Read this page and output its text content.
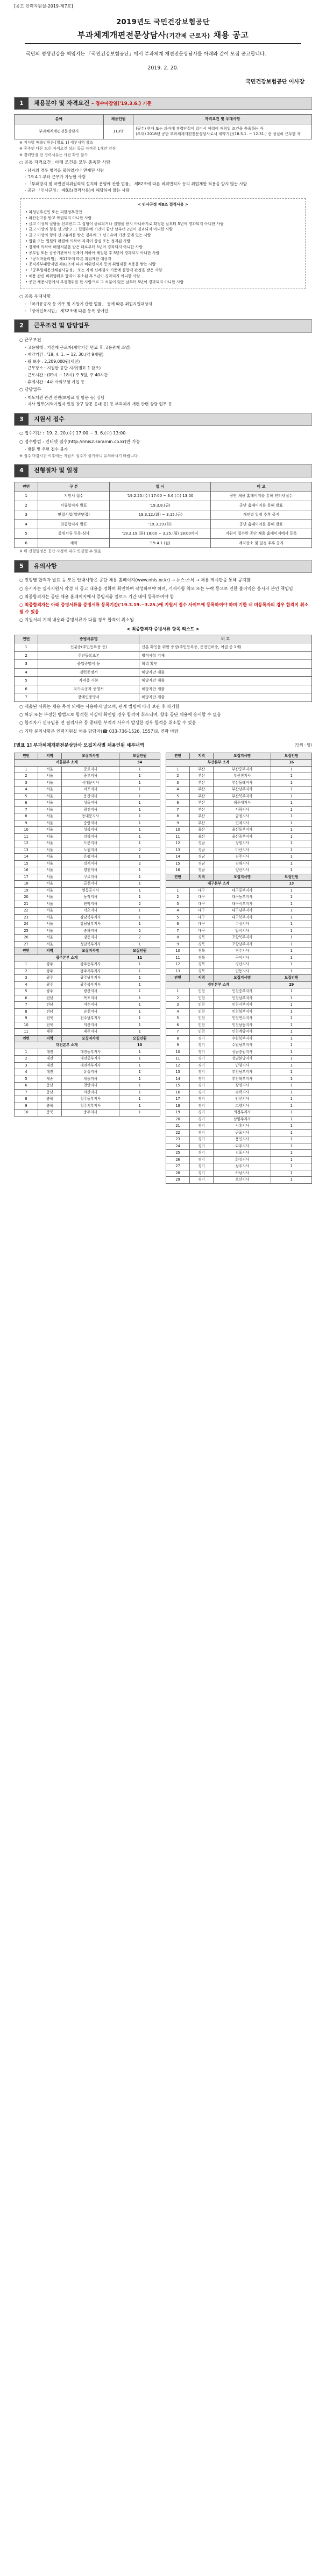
[공고 인력지원실-2019-제7호]
2019년도 국민건강보험공단
부과체계개편전문상담사(기간제 근로자) 채용 공고

국민의 평생건강을 책임지는 「국민건강보험공단」에서 부과체계 개편전문상담사를 아래와 같이 모집 공고합니다.

2019. 2. 20.
국민건강보험공단 이사장
1	채용분야 및 자격요건 – 접수마감일('19.3.6.) 기준
분야	채용인원	자격요건 및 우대사항
부과체계개편전문상담사	113명	(필수) 현재 또는 과거에 경력단절이 있어서 이력이 재취업 조건을 충족하는 자
(우대) 2018년 공단 부과체계개편전문상담사로서 계약기간(18.5.1. ~ 12.31.) 중 성실히 근무한 자

※ 지사별 배출인원은 [별표 1] 세부내역 참조

※ 공추인 다른 모든 자격요건 심의 등급 자격증 1개만 인정

※ 경력단절 전 경력서류는 사전 확인 불가

○ 공통 자격요건 : 아래 조건을 모두 충족한 사람

- 남자의 경우 병역을 필하였거나 면제된 사람

- '19.4.1.부터 근무가 가능한 사람

- 「부패방지 및 국민권익위원회의 설치와 운영에 관한 법률」 제82조에 따른 비위면직자 등의 취업제한 적용을 받지 않는 사람

- 공단 「인사규정」 제8조(결격사유)에 해당하지 않는 사람

< 인사규정 제8조 결격사유 >

• 피성년후견인 또는 피한정후견인

• 파산선고를 받고 복권되지 아니한 사람

• 금고 이상의 실형을 선고받고 그 집행이 종료되거나 집행을 받지 아니하기로 확정된 날부터 5년이 경과되지 아니한 사람

• 금고 이상의 형을 선고받고 그 집행유예 기간이 끝난 날부터 2년이 경과되지 아니한 사람

• 금고 이상의 형의 선고유예를 받은 경우에 그 선고유예 기간 중에 있는 사람

• 법률 또는 법원의 판결에 의하여 자격이 상실 또는 정지된 사람

• 징계에 의하여 해임처분을 받은 때로부터 5년이 경과되지 아니한 사람

• 공무원 또는 공공기관에서 징계에 의하여 해임된 후 5년이 경과되지 아니한 사람

• 「공직자윤리법」 제17조에 따른 취업제한 대상자

• 공직자부패방지법 제82조에 따라 비위면직자 등의 취업제한 적용을 받는 사람

• 「공무원채용신체검사규정」 또는 자체 신체검사 기준에 불합격 판정을 받은 사람

• 채용 관련 비위행위로 합격이 취소된 후 5년이 경과되지 아니한 사람

• 공단 채용시험에서 부정행위를 한 사람으로 그 처분이 있은 날부터 5년이 경과되지 아니한 사람

○ 공통 우대사항

- 「국가유공자 등 예우 및 지원에 관한 법률」 등에 따른 취업지원대상자

- 「장애인복지법」 제32조에 따른 등록 장애인

2	근무조건 및 담당업무

○ 근무조건

- 고용형태 : 기간제 근로자(계약기간 만료 후 고용관계 소멸)

- 계약기간 : '19. 4. 1. ~ 12. 30.(약 9개월)

- 월 보수 : 2,209,000원(세전)

- 근무장소 : 지원한 공단 지사(별표 1 참조)

- 근로시간 : (09시 ~ 18시) 주 5일, 주 40시간

- 휴게시간 : 4대 사회보험 가입 등

○ 담당업무

- 재도개편 관련 민원(보험료 및 방문 등) 상담

- 지사 업무(지역가입자 민원 창구 방문 응대 등) 등 부과체계 개편 관련 상담 업무 등

3	지원서 접수

○ 접수기간 : '19. 2. 20.(수) 17:00 ~ 3. 6.(수) 13:00

○ 접수방법 : 인터넷 접수(http://nhis2.saramin.co.kr)만 가능

- 방문 및 우편 접수 불가

※ 접수 마감시간 이후에는 지원서 접수가 불가하니 유의하시기 바랍니다.

4	전형절차 및 일정
연번	구 분	일 시	비 고
1	지원서 접수	'19.2.20.(수) 17:00 ~ 3.6.(수) 13:00	공단 채용 홈페이지를 통해 인터넷접수
2	서류합격자 발표	'19.3.8.(금)	공단 홈페이지를 통해 발표
3	면접시험(일반면접)	'19.3.12.(화) ~ 3.15.(금)	개인별 일정 추후 공지
4	최종합격자 발표	'19.3.19.(화)	공단 홈페이지를 통해 발표
5	증빙서류 등록·심사	'19.3.19.(화) 18:00 ~ 3.25.(월) 18:00까지	지원서 접수한 공단 채용 홈페이지에서 등록
6	계약	'19.4.1.(월)	계약장소 및 일정 추후 공지

※ 위 전형일정은 공단 사정에 따라 변경될 수 있음

5	유의사항

○ 전형별 합격자 발표 등 모든 안내사항은 공단 채용 홈페이지(www.nhis.or.kr) → 뉴스·소식 → 채용 게시판을 통해 공지함

○ 응시자는 입사지원서 작성 시 공고 내용을 정확히 확인하여 작성하여야 하며, 기재사항 착오 또는 누락 등으로 인한 불이익은 응시자 본인 책임임

○ 최종합격자는 공단 채용 홈페이지에서 증빙서류 업로드 기간 내에 등록하여야 함

○ 최종합격자는 아래 증빙서류를 증빙서류 등록기간('19.3.19.~3.25.)에 지원서 접수 사이트에 등록하여야 하며 기한 내 미등록자의 경우 합격이 취소될 수 있음

○ 지원서의 기재 내용과 증빙서류가 다를 경우 합격이 취소됨

< 최종합격자 증빙서류 항목 리스트 >
연번	증빙서류명	비 고
1	신분증(주민등록증 등)	신분 확인을 위한 증빙(주민등록증, 운전면허증, 여권 중 1개)
2	주민등록초본	병적사항 기재
3	졸업증명서 등	학력 확인
4	경력증명서	해당자만 제출
5	자격증 사본	해당자만 제출
6	국가유공자 증명서	해당자만 제출
7	장애인증명서	해당자만 제출

○ 제출된 서류는 채용 목적 외에는 사용하지 않으며, 관계 법령에 따라 보관 후 파기함

○ 허위 또는 부정한 방법으로 합격한 사실이 확인될 경우 합격이 취소되며, 향후 공단 채용에 응시할 수 없음

○ 합격자가 신규임용 전 결격사유 등 중대한 부적격 사유가 발생한 경우 합격을 취소할 수 있음

○ 기타 문의사항은 인력지원실 채용 담당자(☎ 033-736-1526, 1557)로 연락 바람

[별표 1] 부과체계개편전문상담사 모집지사별 채용인원 세부내역	(단위 : 명)
연번	지역	모집지사명	모집인원
서울본부 소계			34
1	서울	종로지사	1
2	서울	중부지사	1
3	서울	서대문지사	1
4	서울	마포지사	1
5	서울	용산지사	1
6	서울	성동지사	1
7	서울	광진지사	1
8	서울	동대문지사	1
9	서울	중랑지사	1
10	서울	성북지사	1
11	서울	강북지사	1
12	서울	도봉지사	1
13	서울	노원지사	2
14	서울	은평지사	1
15	서울	강서지사	2
16	서울	양천지사	1
17	서울	구로지사	1
18	서울	금천지사	1
19	서울	영등포지사	1
20	서울	동작지사	1
21	서울	관악지사	2
22	서울	서초지사	1
23	서울	강남북부지사	1
24	서울	강남남부지사	1
25	서울	송파지사	2
26	서울	강동지사	2
27	서울	성남북부지사	1
연번	지역	모집지사명	모집인원
광주본부 소계			11
1	광주	광주동부지사	1
2	광주	광주서부지사	1
3	광주	광주남부지사	1
4	광주	광주북부지사	1
5	광주	광산지사	1
6	전남	목포지사	1
7	전남	여수지사	1
8	전남	순천지사	1
9	전북	전주남부지사	1
10	전북	익산지사	1
11	제주	제주지사	1
연번	지역	모집지사명	모집인원
대전본부 소계			10
1	대전	대전동부지사	1
2	대전	대전중부지사	1
3	대전	대전서부지사	1
4	대전	유성지사	1
5	세종	세종지사	1
6	충남	천안지사	1
7	충남	아산지사	1
8	충북	청주동부지사	1
9	충북	청주서부지사	1
10	충북	충주지사	1
연번	지역	모집지사명	모집인원
부산본부 소계			16
1	부산	부산중부지사	1
2	부산	부산진지사	1
3	부산	부산동래지사	1
4	부산	부산남부지사	1
5	부산	부산북부지사	1
6	부산	해운대지사	1
7	부산	사하지사	1
8	부산	금정지사	1
9	부산	연제지사	1
10	울산	울산동부지사	1
11	울산	울산중부지사	1
12	경남	창원지사	1
13	경남	마산지사	1
14	경남	진주지사	1
15	경남	김해지사	1
16	경남	양산지사	1
연번	지역	모집지사명	모집인원
대구본부 소계			13
1	대구	대구중부지사	1
2	대구	대구동부지사	1
3	대구	대구서부지사	1
4	대구	대구남부지사	1
5	대구	대구북부지사	1
6	대구	수성지사	1
7	대구	달서지사	1
8	경북	포항북부지사	1
9	경북	포항남부지사	1
10	경북	경주지사	1
11	경북	구미지사	1
12	경북	경산지사	1
13	경북	안동지사	1
연번	지역	모집지사명	모집인원
경인본부 소계			29
1	인천	인천중부지사	1
2	인천	인천남부지사	1
3	인천	인천서부지사	1
4	인천	인천북부지사	1
5	인천	인천연수지사	1
6	인천	인천남동지사	1
7	인천	인천계양지사	1
8	경기	수원북부지사	1
9	경기	수원남부지사	1
10	경기	성남중원지사	1
11	경기	성남분당지사	1
12	경기	안양지사	1
13	경기	부천남부지사	1
14	경기	부천북부지사	1
15	경기	광명지사	1
16	경기	평택지사	1
17	경기	안산지사	1
18	경기	고양지사	1
19	경기	의정부지사	1
20	경기	남양주지사	1
21	경기	시흥지사	1
22	경기	군포지사	1
23	경기	용인지사	1
24	경기	파주지사	1
25	경기	김포지사	1
26	경기	화성지사	1
27	경기	광주지사	1
28	경기	하남지사	1
29	경기	오산지사	1
